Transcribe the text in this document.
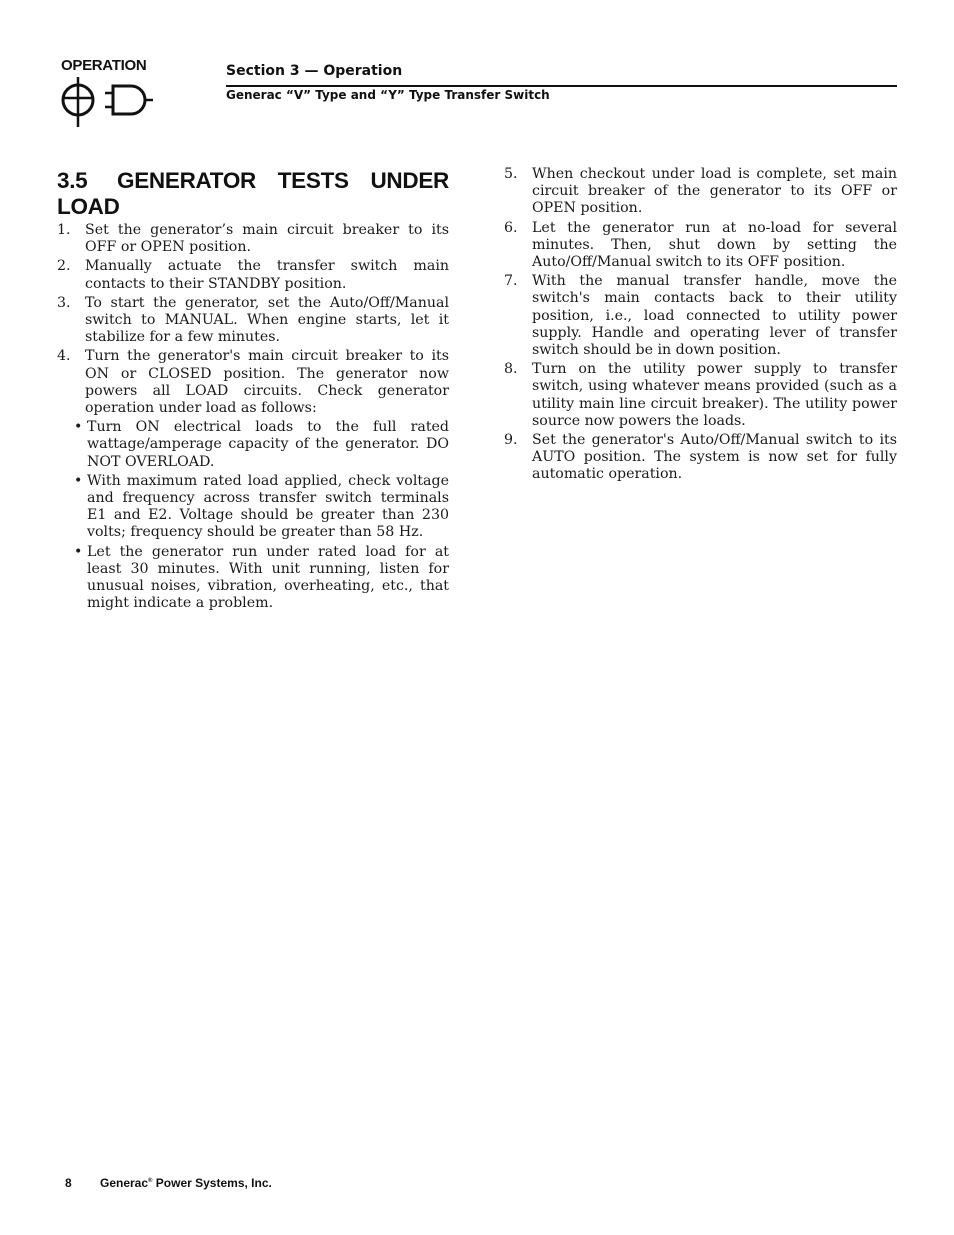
OPERATION	Section 3 — Operation
Generac “V” Type and “Y” Type Transfer Switch
3.5 GENERATOR TESTS UNDER LOAD
1. Set the generator’s main circuit breaker to its OFF or OPEN position.
2. Manually actuate the transfer switch main contacts to their STANDBY position.
3. To start the generator, set the Auto/Off/Manual switch to MANUAL. When engine starts, let it stabilize for a few minutes.
4. Turn the generator's main circuit breaker to its ON or CLOSED position. The generator now powers all LOAD circuits. Check generator operation under load as follows:
• Turn ON electrical loads to the full rated wattage/amperage capacity of the generator. DO NOT OVERLOAD.
• With maximum rated load applied, check voltage and frequency across transfer switch terminals E1 and E2. Voltage should be greater than 230 volts; frequency should be greater than 58 Hz.
• Let the generator run under rated load for at least 30 minutes. With unit running, listen for unusual noises, vibration, overheating, etc., that might indicate a problem.
5. When checkout under load is complete, set main circuit breaker of the generator to its OFF or OPEN position.
6. Let the generator run at no-load for several minutes. Then, shut down by setting the Auto/Off/Manual switch to its OFF position.
7. With the manual transfer handle, move the switch's main contacts back to their utility position, i.e., load connected to utility power supply. Handle and operating lever of transfer switch should be in down position.
8. Turn on the utility power supply to transfer switch, using whatever means provided (such as a utility main line circuit breaker). The utility power source now powers the loads.
9. Set the generator's Auto/Off/Manual switch to its AUTO position. The system is now set for fully automatic operation.
8 Generac® Power Systems, Inc.
